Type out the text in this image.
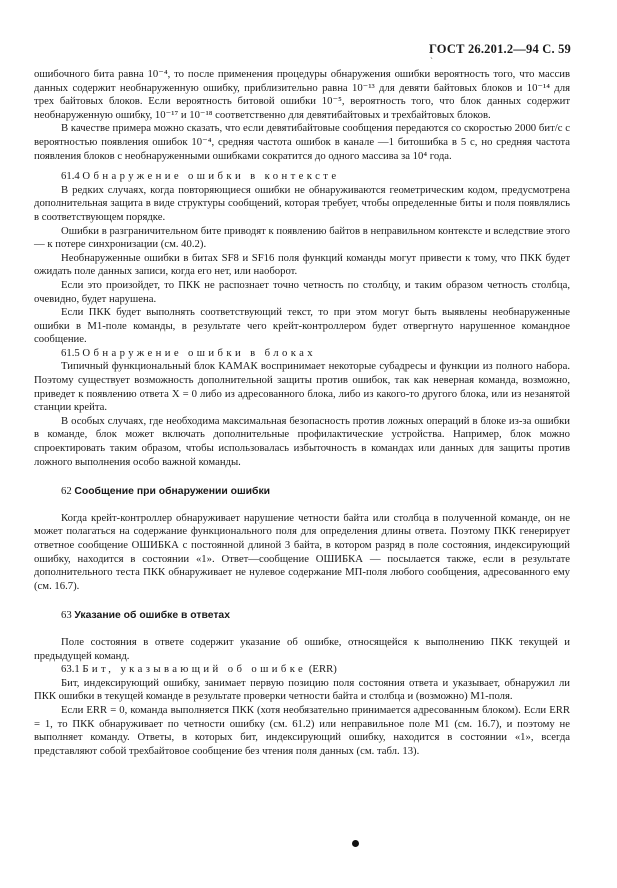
ГОСТ 26.201.2—94 С. 59
ˋ

ошибочного бита равна 10⁻⁴, то после применения процедуры обнаружения ошибки вероятность того, что массив данных содержит необнаруженную ошибку, приблизительно равна 10⁻¹³ для девяти байтовых блоков и 10⁻¹⁴ для трех байтовых блоков. Если вероятность битовой ошибки 10⁻⁵, вероятность того, что блок данных содержит необнаруженную ошибку, 10⁻¹⁷ и 10⁻¹⁸ соответственно для девятибайтовых и трехбайтовых блоков.

В качестве примера можно сказать, что если девятибайтовые сообщения передаются со скоростью 2000 бит/с с вероятностью появления ошибок 10⁻⁴, средняя частота ошибок в канале —1 битошибка в 5 с, но средняя частота появления блоков с необнаруженными ошибками сократится до одного массива за 10⁴ года.

61.4 Обнаружение ошибки в контексте

В редких случаях, когда повторяющиеся ошибки не обнаруживаются геометрическим кодом, предусмотрена дополнительная защита в виде структуры сообщений, которая требует, чтобы определенные биты и поля появлялись в соответствующем порядке.

Ошибки в разграничительном бите приводят к появлению байтов в неправильном контексте и вследствие этого — к потере синхронизации (см. 40.2).

Необнаруженные ошибки в битах SF8 и SF16 поля функций команды могут привести к тому, что ПКК будет ожидать поле данных записи, когда его нет, или наоборот.

Если это произойдет, то ПКК не распознает точно четность по столбцу, и таким образом четность столбца, очевидно, будет нарушена.

Если ПКК будет выполнять соответствующий текст, то при этом могут быть выявлены необнаруженные ошибки в М1-поле команды, в результате чего крейт-контроллером будет отвергнуто нарушенное командное сообщение.

61.5 Обнаружение ошибки в блоках

Типичный функциональный блок КАМАК воспринимает некоторые субадресы и функции из полного набора. Поэтому существует возможность дополнительной защиты против ошибок, так как неверная команда, возможно, приведет к появлению ответа X = 0 либо из адресованного блока, либо из какого-то другого блока, или из незанятой станции крейта.

В особых случаях, где необходима максимальная безопасность против ложных операций в блоке из-за ошибки в команде, блок может включать дополнительные профилактические устройства. Например, блок можно спроектировать таким образом, чтобы использовалась избыточность в командах или данных для защиты против ложного выполнения особо важной команды.

62 Сообщение при обнаружении ошибки

Когда крейт-контроллер обнаруживает нарушение четности байта или столбца в полученной команде, он не может полагаться на содержание функционального поля для определения длины ответа. Поэтому ПКК генерирует ответное сообщение ОШИБКА с постоянной длиной 3 байта, в котором разряд в поле состояния, индексирующий ошибку, находится в состоянии «1». Ответ—сообщение ОШИБКА — посылается также, если в результате дополнительного теста ПКК обнаруживает не нулевое содержание МП-поля любого сообщения, адресованного ему (см. 16.7).

63 Указание об ошибке в ответах

Поле состояния в ответе содержит указание об ошибке, относящейся к выполнению ПКК текущей и предыдущей команд.

63.1 Бит, указывающий об ошибке (ERR)

Бит, индексирующий ошибку, занимает первую позицию поля состояния ответа и указывает, обнаружил ли ПКК ошибки в текущей команде в результате проверки четности байта и столбца и (возможно) М1-поля.

Если ERR = 0, команда выполняется ПКК (хотя необязательно принимается адресованным блоком). Если ERR = 1, то ПКК обнаруживает по четности ошибку (см. 61.2) или неправильное поле М1 (см. 16.7), и поэтому не выполняет команду. Ответы, в которых бит, индексирующий ошибку, находится в состоянии «1», всегда представляют собой трехбайтовое сообщение без чтения поля данных (см. табл. 13).
